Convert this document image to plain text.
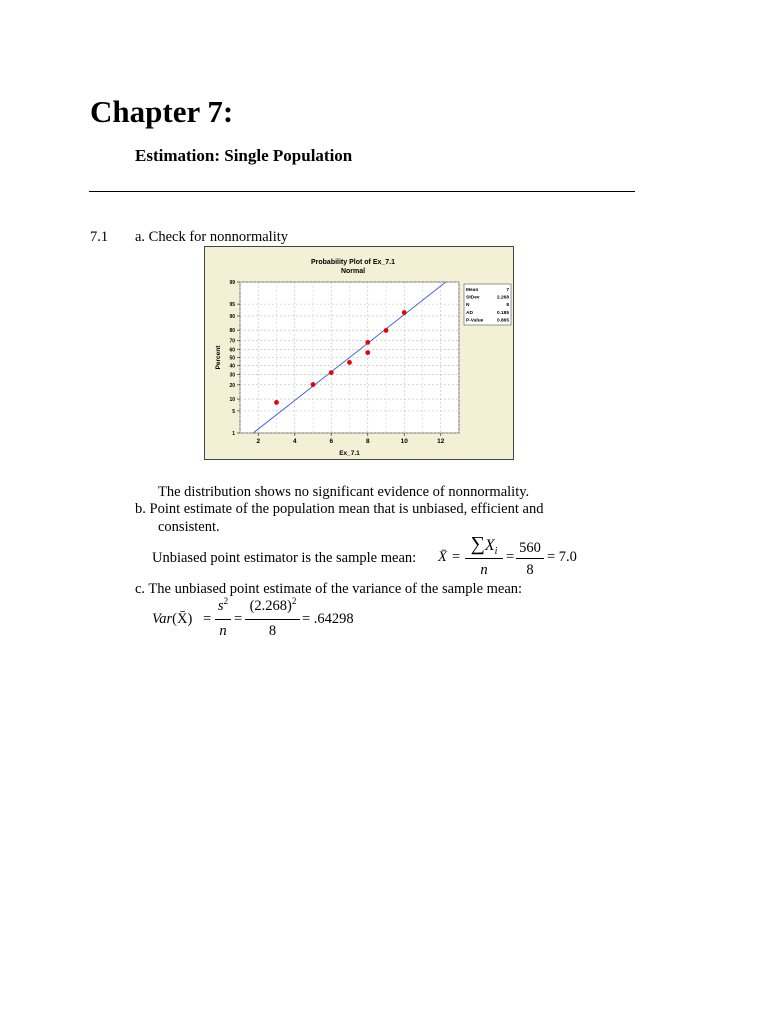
Chapter 7:
Estimation: Single Population
7.1 a. Check for nonnormality
Probability Plot of Ex_7.1
Normal
2	4	6	8	10	12
1
5
10
20
30
40
50
60
70
80
90
95
99
Ex_7.1
Percent
Mean	7
StDev	2.268
N	8
AD	0.185
P-Value	0.865
The distribution shows no significant evidence of nonnormality.
b. Point estimate of the population mean that is unbiased, efficient and
consistent.
Unbiased point estimator is the sample mean: X̄ =
$\sum X_i$
n
=
560
8
= 7.0
c. The unbiased point estimate of the variance of the sample mean:
Var(X̄) =
$s^2$
n
=
$(2.268)^2$
8
= .64298
